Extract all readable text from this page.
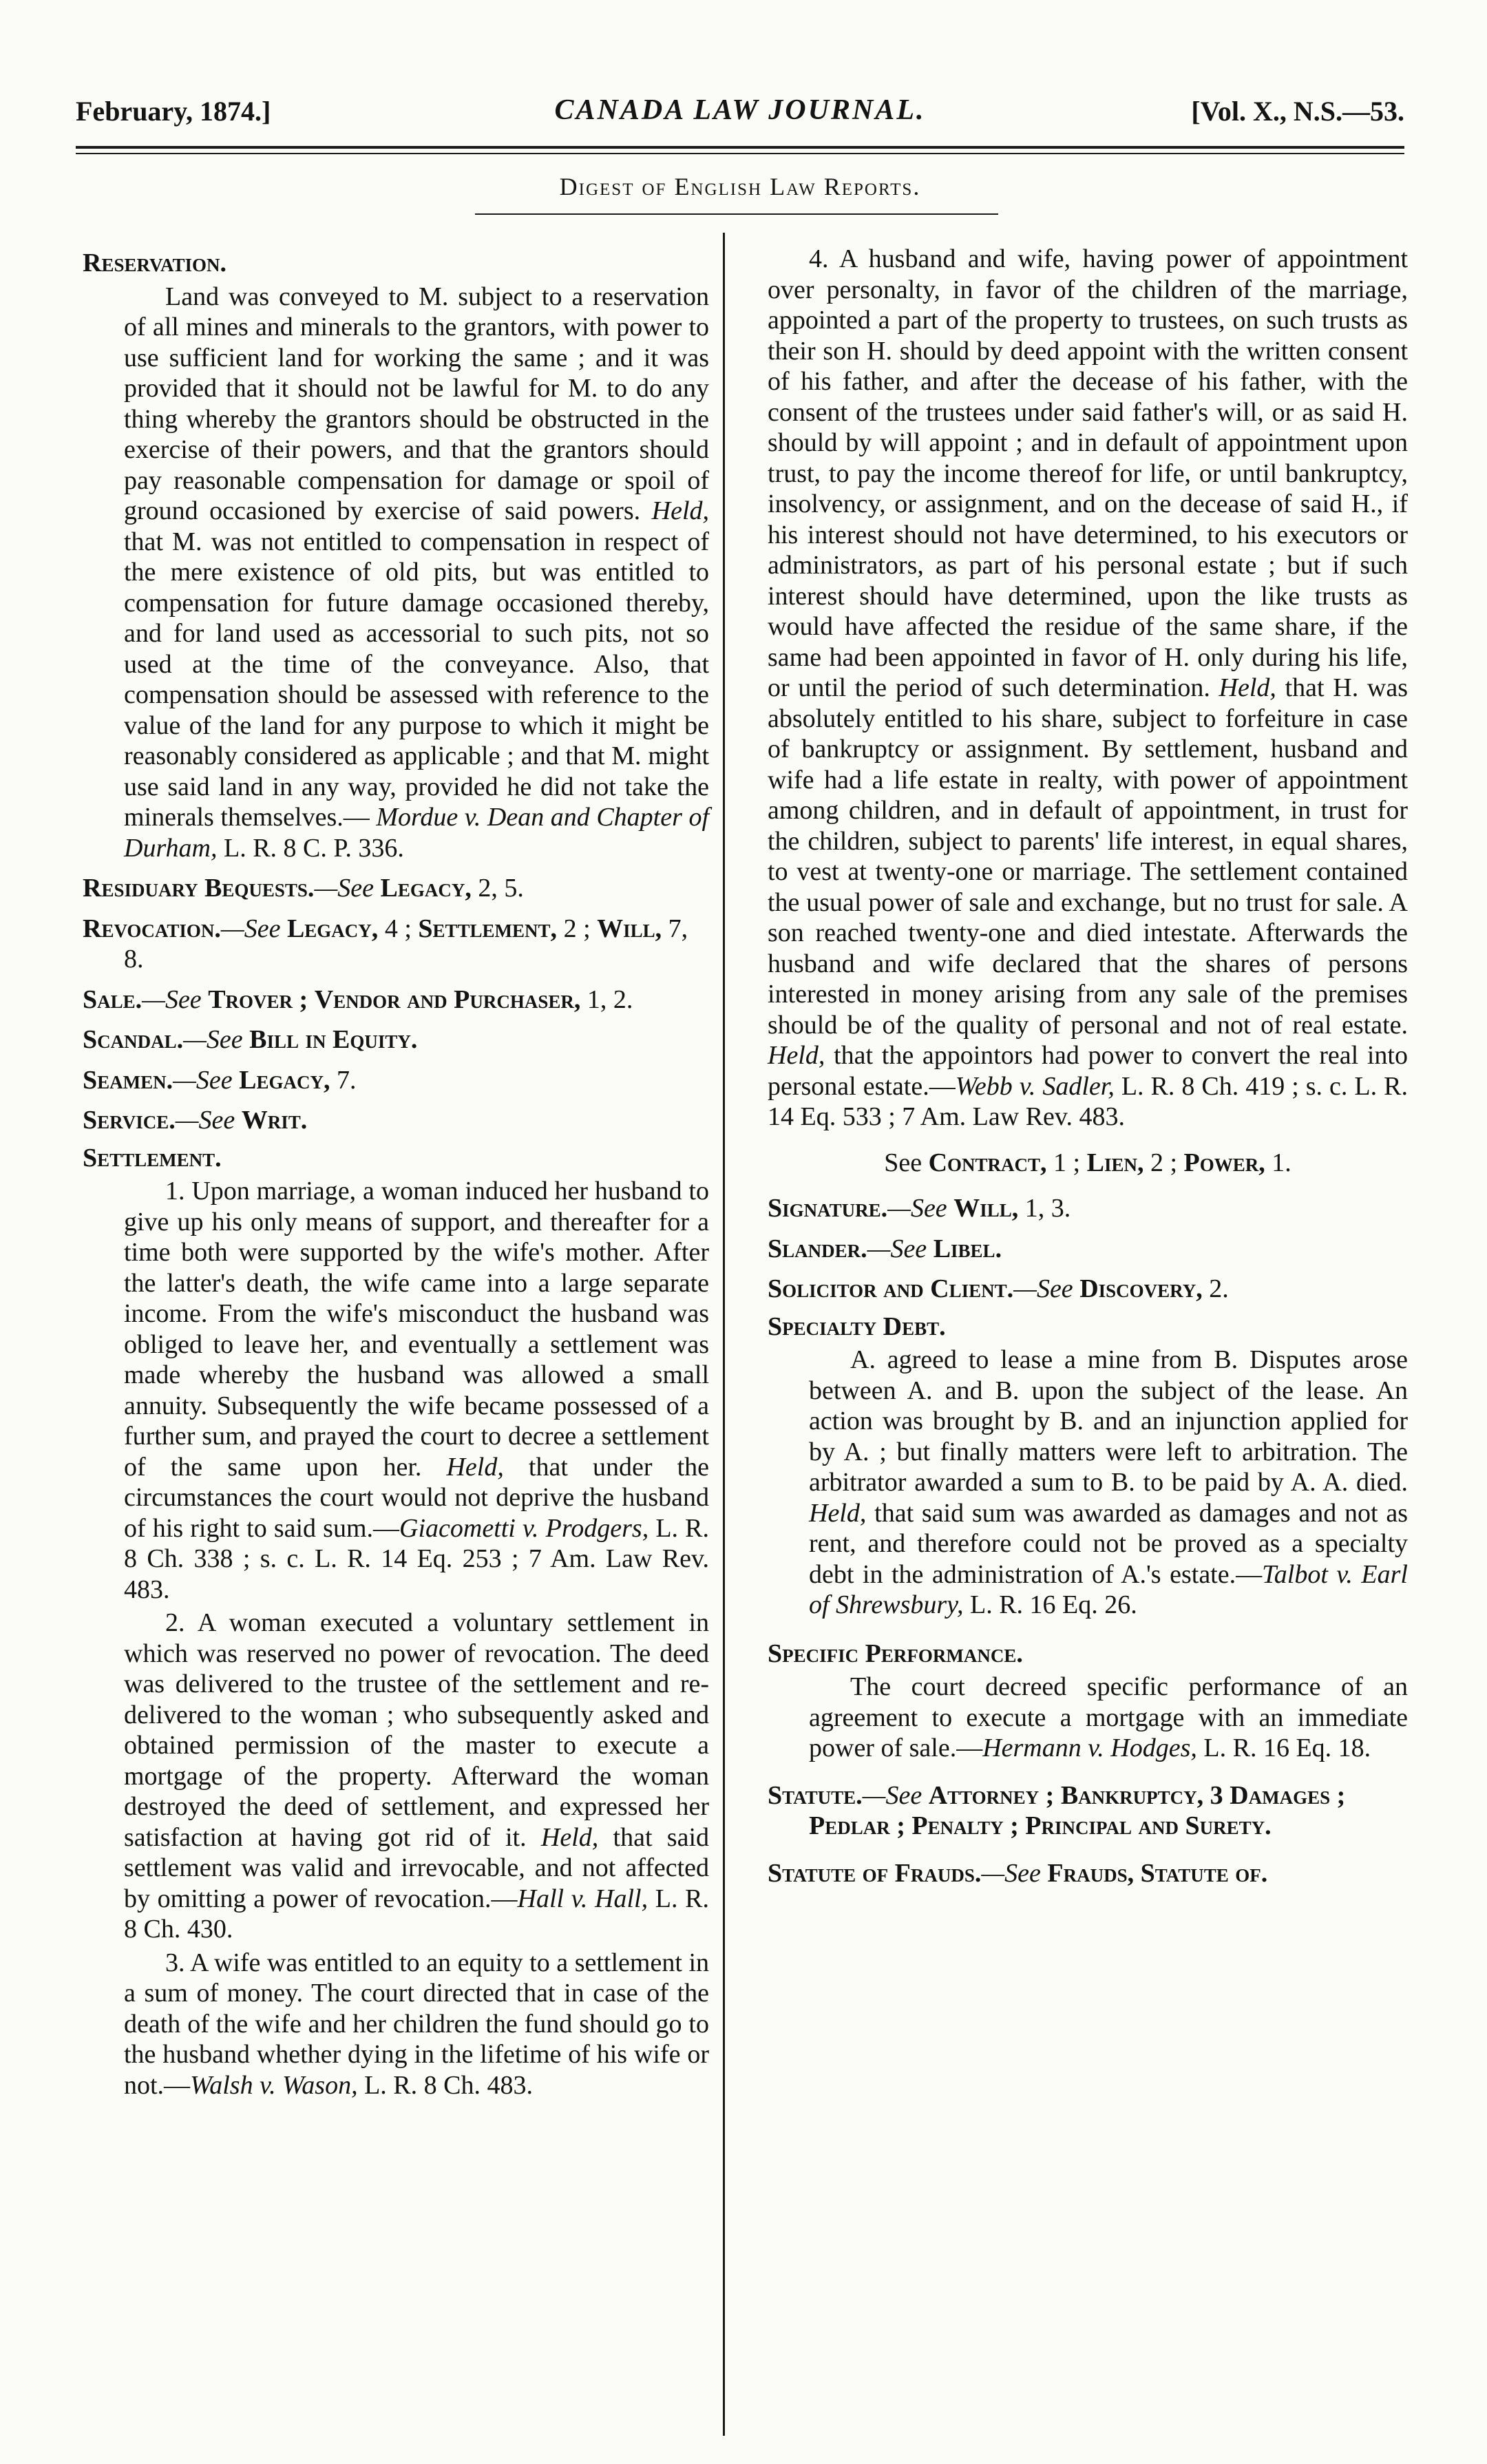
February, 1874.]	CANADA LAW JOURNAL.	[Vol. X., N.S.—53.
Digest of English Law Reports.
Reservation.
Land was conveyed to M. subject to a reservation of all mines and minerals to the grantors, with power to use sufficient land for working the same ; and it was provided that it should not be lawful for M. to do any thing whereby the grantors should be obstructed in the exercise of their powers, and that the grantors should pay reasonable compensation for damage or spoil of ground occasioned by exercise of said powers. Held, that M. was not entitled to compensation in respect of the mere existence of old pits, but was entitled to compensation for future damage occasioned thereby, and for land used as accessorial to such pits, not so used at the time of the conveyance. Also, that compensation should be assessed with reference to the value of the land for any purpose to which it might be reasonably considered as applicable ; and that M. might use said land in any way, provided he did not take the minerals themselves.— Mordue v. Dean and Chapter of Durham, L. R. 8 C. P. 336.
Residuary Bequests.—See Legacy, 2, 5.
Revocation.—See Legacy, 4 ; Settlement, 2 ; Will, 7, 8.
Sale.—See Trover ; Vendor and Purchaser, 1, 2.
Scandal.—See Bill in Equity.
Seamen.—See Legacy, 7.
Service.—See Writ.
Settlement.
1. Upon marriage, a woman induced her husband to give up his only means of support, and thereafter for a time both were supported by the wife's mother. After the latter's death, the wife came into a large separate income. From the wife's misconduct the husband was obliged to leave her, and eventually a settlement was made whereby the husband was allowed a small annuity. Subsequently the wife became possessed of a further sum, and prayed the court to decree a settlement of the same upon her. Held, that under the circumstances the court would not deprive the husband of his right to said sum.—Giacometti v. Prodgers, L. R. 8 Ch. 338 ; s. c. L. R. 14 Eq. 253 ; 7 Am. Law Rev. 483.
2. A woman executed a voluntary settlement in which was reserved no power of revocation. The deed was delivered to the trustee of the settlement and re-delivered to the woman ; who subsequently asked and obtained permission of the master to execute a mortgage of the property. Afterward the woman destroyed the deed of settlement, and expressed her satisfaction at having got rid of it. Held, that said settlement was valid and irrevocable, and not affected by omitting a power of revocation.—Hall v. Hall, L. R. 8 Ch. 430.
3. A wife was entitled to an equity to a settlement in a sum of money. The court directed that in case of the death of the wife and her children the fund should go to the husband whether dying in the lifetime of his wife or not.—Walsh v. Wason, L. R. 8 Ch. 483.
4. A husband and wife, having power of appointment over personalty, in favor of the children of the marriage, appointed a part of the property to trustees, on such trusts as their son H. should by deed appoint with the written consent of his father, and after the decease of his father, with the consent of the trustees under said father's will, or as said H. should by will appoint ; and in default of appointment upon trust, to pay the income thereof for life, or until bankruptcy, insolvency, or assignment, and on the decease of said H., if his interest should not have determined, to his executors or administrators, as part of his personal estate ; but if such interest should have determined, upon the like trusts as would have affected the residue of the same share, if the same had been appointed in favor of H. only during his life, or until the period of such determination. Held, that H. was absolutely entitled to his share, subject to forfeiture in case of bankruptcy or assignment. By settlement, husband and wife had a life estate in realty, with power of appointment among children, and in default of appointment, in trust for the children, subject to parents' life interest, in equal shares, to vest at twenty-one or marriage. The settlement contained the usual power of sale and exchange, but no trust for sale. A son reached twenty-one and died intestate. Afterwards the husband and wife declared that the shares of persons interested in money arising from any sale of the premises should be of the quality of personal and not of real estate. Held, that the appointors had power to convert the real into personal estate.—Webb v. Sadler, L. R. 8 Ch. 419 ; s. c. L. R. 14 Eq. 533 ; 7 Am. Law Rev. 483.
See Contract, 1 ; Lien, 2 ; Power, 1.
Signature.—See Will, 1, 3.
Slander.—See Libel.
Solicitor and Client.—See Discovery, 2.
Specialty Debt.
A. agreed to lease a mine from B. Disputes arose between A. and B. upon the subject of the lease. An action was brought by B. and an injunction applied for by A. ; but finally matters were left to arbitration. The arbitrator awarded a sum to B. to be paid by A. A. died. Held, that said sum was awarded as damages and not as rent, and therefore could not be proved as a specialty debt in the administration of A.'s estate.—Talbot v. Earl of Shrewsbury, L. R. 16 Eq. 26.
Specific Performance.
The court decreed specific performance of an agreement to execute a mortgage with an immediate power of sale.—Hermann v. Hodges, L. R. 16 Eq. 18.
Statute.—See Attorney ; Bankruptcy, 3 Damages ; Pedlar ; Penalty ; Principal and Surety.
Statute of Frauds.—See Frauds, Statute of.
